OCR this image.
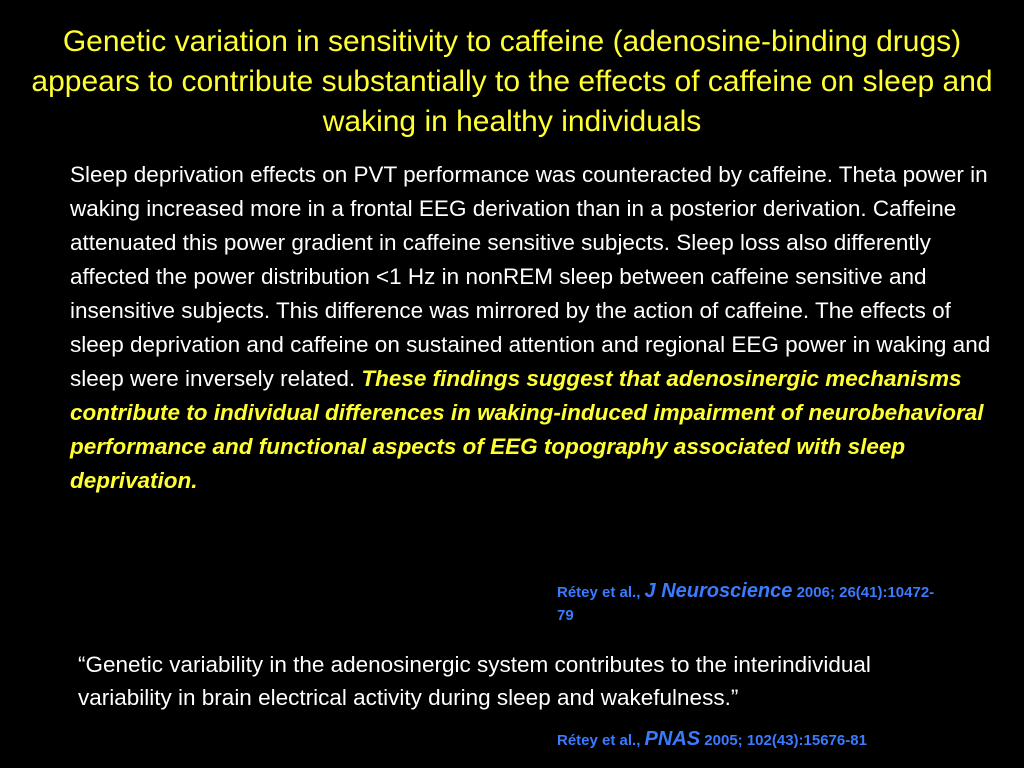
Genetic variation in sensitivity to caffeine (adenosine-binding drugs) appears to contribute substantially to the effects of caffeine on sleep and waking in healthy individuals

Sleep deprivation effects on PVT performance was counteracted by caffeine. Theta power in waking increased more in a frontal EEG derivation than in a posterior derivation. Caffeine attenuated this power gradient in caffeine sensitive subjects. Sleep loss also differently affected the power distribution <1 Hz in nonREM sleep between caffeine sensitive and insensitive subjects. This difference was mirrored by the action of caffeine. The effects of sleep deprivation and caffeine on sustained attention and regional EEG power in waking and sleep were inversely related. These findings suggest that adenosinergic mechanisms contribute to individual differences in waking-induced impairment of neurobehavioral performance and functional aspects of EEG topography associated with sleep deprivation.

Rétey et al., J Neuroscience 2006; 26(41):10472-79

“Genetic variability in the adenosinergic system contributes to the interindividual variability in brain electrical activity during sleep and wakefulness.”

Rétey et al., PNAS 2005; 102(43):15676-81
